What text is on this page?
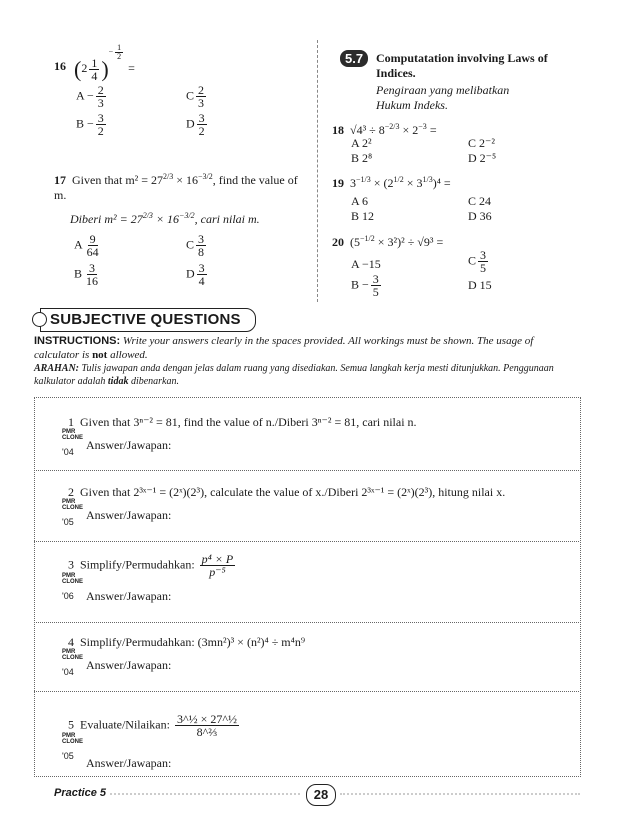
16 $(2 \frac{1}{4} )^- \frac{1}{2}$
=
$A - \frac{2}{3}$	C $\frac{2}{3}$
$B - \frac{3}{2}$	D $\frac{3}{2}$
17 Given that $m^2 = 27^{2/3} \times 16^{-3/2}$, find the value of m.
Diberi $m^2 = 27^{2/3} \times 16^{-3/2}$, cari nilai m.
A $\frac{9}{64}$	C $\frac{3}{8}$
B $\frac{3}{16}$	D $\frac{3}{4}$
5.7	Computatation involving Laws of Indices.
Pengiraan yang melibatkan Hukum Indeks.
18  $√4^3 \div 8^{-2/3} \times 2^{-3}$ =
A 2²	C 2⁻²
B 2⁸	D 2⁻⁵
19  $3^{-1/3} \times (2^{1/2} \times 3^{1/3})^4$ =
A 6	C 24
B 12	D 36
20  $(5^{-1/2} \times 3^2)^2 \div √9^3$ =
A −15	C $\frac{3}{5}$
$B - \frac{3}{5}$	D 15
SUBJECTIVE QUESTIONS
INSTRUCTIONS: Write your answers clearly in the spaces provided. All workings must be shown. The usage of calculator is not allowed.
ARAHAN: Tulis jawapan anda dengan jelas dalam ruang yang disediakan. Semua langkah kerja mesti ditunjukkan. Penggunaan kalkulator adalah tidak dibenarkan.
1 Given that 3ⁿ⁻² = 81, find the value of n./Diberi 3ⁿ⁻² = 81, cari nilai n.
PMR
CLONE
'04 Answer/Jawapan:
2 Given that 2³ˣ⁻¹ = (2ˣ)(2³), calculate the value of x./Diberi 2³ˣ⁻¹ = (2ˣ)(2³), hitung nilai x.
PMR
CLONE
'05 Answer/Jawapan:
3 Simplify/Permudahkan: $\frac{\text{p⁴ × P}}{\text{p⁻⁵}}$
PMR
CLONE
'06 Answer/Jawapan:
4 Simplify/Permudahkan: (3mn²)³ × (n²)⁴ ÷ m⁴n⁹
PMR
CLONE
'04 Answer/Jawapan:
5 Evaluate/Nilaikan: $\frac{\text{3\textasciicircum{}½ × 27\textasciicircum{}½}}{\text{8\textasciicircum{}⅔}}$
PMR
CLONE
'05 Answer/Jawapan:
Practice 5	28
